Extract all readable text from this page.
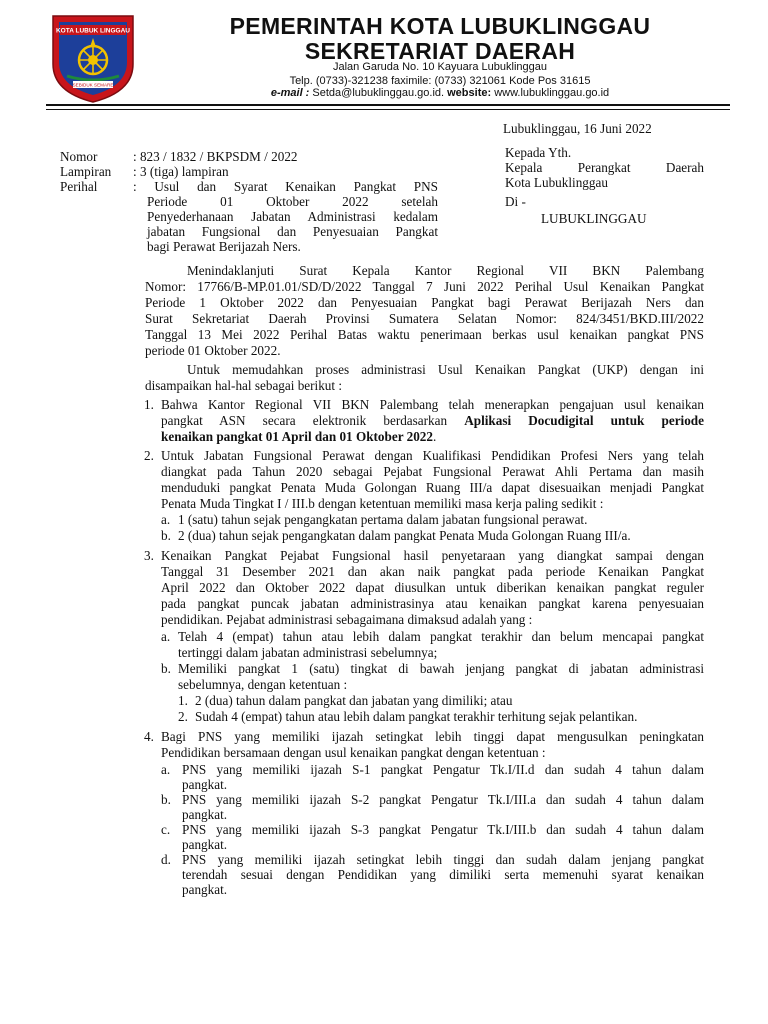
KOTA LUBUK LINGGAU
SEBIDUK SEMARE
PEMERINTAH KOTA LUBUKLINGGAU
SEKRETARIAT DAERAH
Jalan Garuda No. 10 Kayuara Lubuklinggau
Telp. (0733)-321238 faximile: (0733) 321061 Kode Pos 31615
e-mail : Setda@lubuklinggau.go.id. website: www.lubuklinggau.go.id
Lubuklinggau, 16 Juni 2022
Nomor	: 823 / 1832 / BKPSDM / 2022
Lampiran : 3 (tiga) lampiran
Perihal	: Usul dan Syarat Kenaikan Pangkat PNS
Periode 01 Oktober 2022 setelah
Penyederhanaan Jabatan Administrasi kedalam
jabatan Fungsional dan Penyesuaian Pangkat
bagi Perawat Berijazah Ners.
Kepada Yth.
Kepala Perangkat Daerah
Kota Lubuklinggau
Di -
LUBUKLINGGAU
Menindaklanjuti Surat Kepala Kantor Regional VII BKN Palembang
Nomor: 17766/B-MP.01.01/SD/D/2022 Tanggal 7 Juni 2022 Perihal Usul Kenaikan Pangkat
Periode 1 Oktober 2022 dan Penyesuaian Pangkat bagi Perawat Berijazah Ners dan
Surat Sekretariat Daerah Provinsi Sumatera Selatan Nomor: 824/3451/BKD.III/2022
Tanggal 13 Mei 2022 Perihal Batas waktu penerimaan berkas usul kenaikan pangkat PNS
periode 01 Oktober 2022.
Untuk memudahkan proses administrasi Usul Kenaikan Pangkat (UKP) dengan ini
disampaikan hal-hal sebagai berikut :
1. Bahwa Kantor Regional VII BKN Palembang telah menerapkan pengajuan usul kenaikan
pangkat ASN secara elektronik berdasarkan Aplikasi Docudigital untuk periode
kenaikan pangkat 01 April dan 01 Oktober 2022.
2. Untuk Jabatan Fungsional Perawat dengan Kualifikasi Pendidikan Profesi Ners yang telah
diangkat pada Tahun 2020 sebagai Pejabat Fungsional Perawat Ahli Pertama dan masih
menduduki pangkat Penata Muda Golongan Ruang III/a dapat disesuaikan menjadi Pangkat
Penata Muda Tingkat I / III.b dengan ketentuan memiliki masa kerja paling sedikit :
a. 1 (satu) tahun sejak pengangkatan pertama dalam jabatan fungsional perawat.
b. 2 (dua) tahun sejak pengangkatan dalam pangkat Penata Muda Golongan Ruang III/a.
3. Kenaikan Pangkat Pejabat Fungsional hasil penyetaraan yang diangkat sampai dengan
Tanggal 31 Desember 2021 dan akan naik pangkat pada periode Kenaikan Pangkat
April 2022 dan Oktober 2022 dapat diusulkan untuk diberikan kenaikan pangkat reguler
pada pangkat puncak jabatan administrasinya atau kenaikan pangkat karena penyesuaian
pendidikan. Pejabat administrasi sebagaimana dimaksud adalah yang :
a. Telah 4 (empat) tahun atau lebih dalam pangkat terakhir dan belum mencapai pangkat
tertinggi dalam jabatan administrasi sebelumnya;
b. Memiliki pangkat 1 (satu) tingkat di bawah jenjang pangkat di jabatan administrasi
sebelumnya, dengan ketentuan :
1. 2 (dua) tahun dalam pangkat dan jabatan yang dimiliki; atau
2. Sudah 4 (empat) tahun atau lebih dalam pangkat terakhir terhitung sejak pelantikan.
4. Bagi PNS yang memiliki ijazah setingkat lebih tinggi dapat mengusulkan peningkatan
Pendidikan bersamaan dengan usul kenaikan pangkat dengan ketentuan :
a. PNS yang memiliki ijazah S-1 pangkat Pengatur Tk.I/II.d dan sudah 4 tahun dalam
pangkat.
b. PNS yang memiliki ijazah S-2 pangkat Pengatur Tk.I/III.a dan sudah 4 tahun dalam
pangkat.
c. PNS yang memiliki ijazah S-3 pangkat Pengatur Tk.I/III.b dan sudah 4 tahun dalam
pangkat.
d. PNS yang memiliki ijazah setingkat lebih tinggi dan sudah dalam jenjang pangkat
terendah sesuai dengan Pendidikan yang dimiliki serta memenuhi syarat kenaikan
pangkat.
